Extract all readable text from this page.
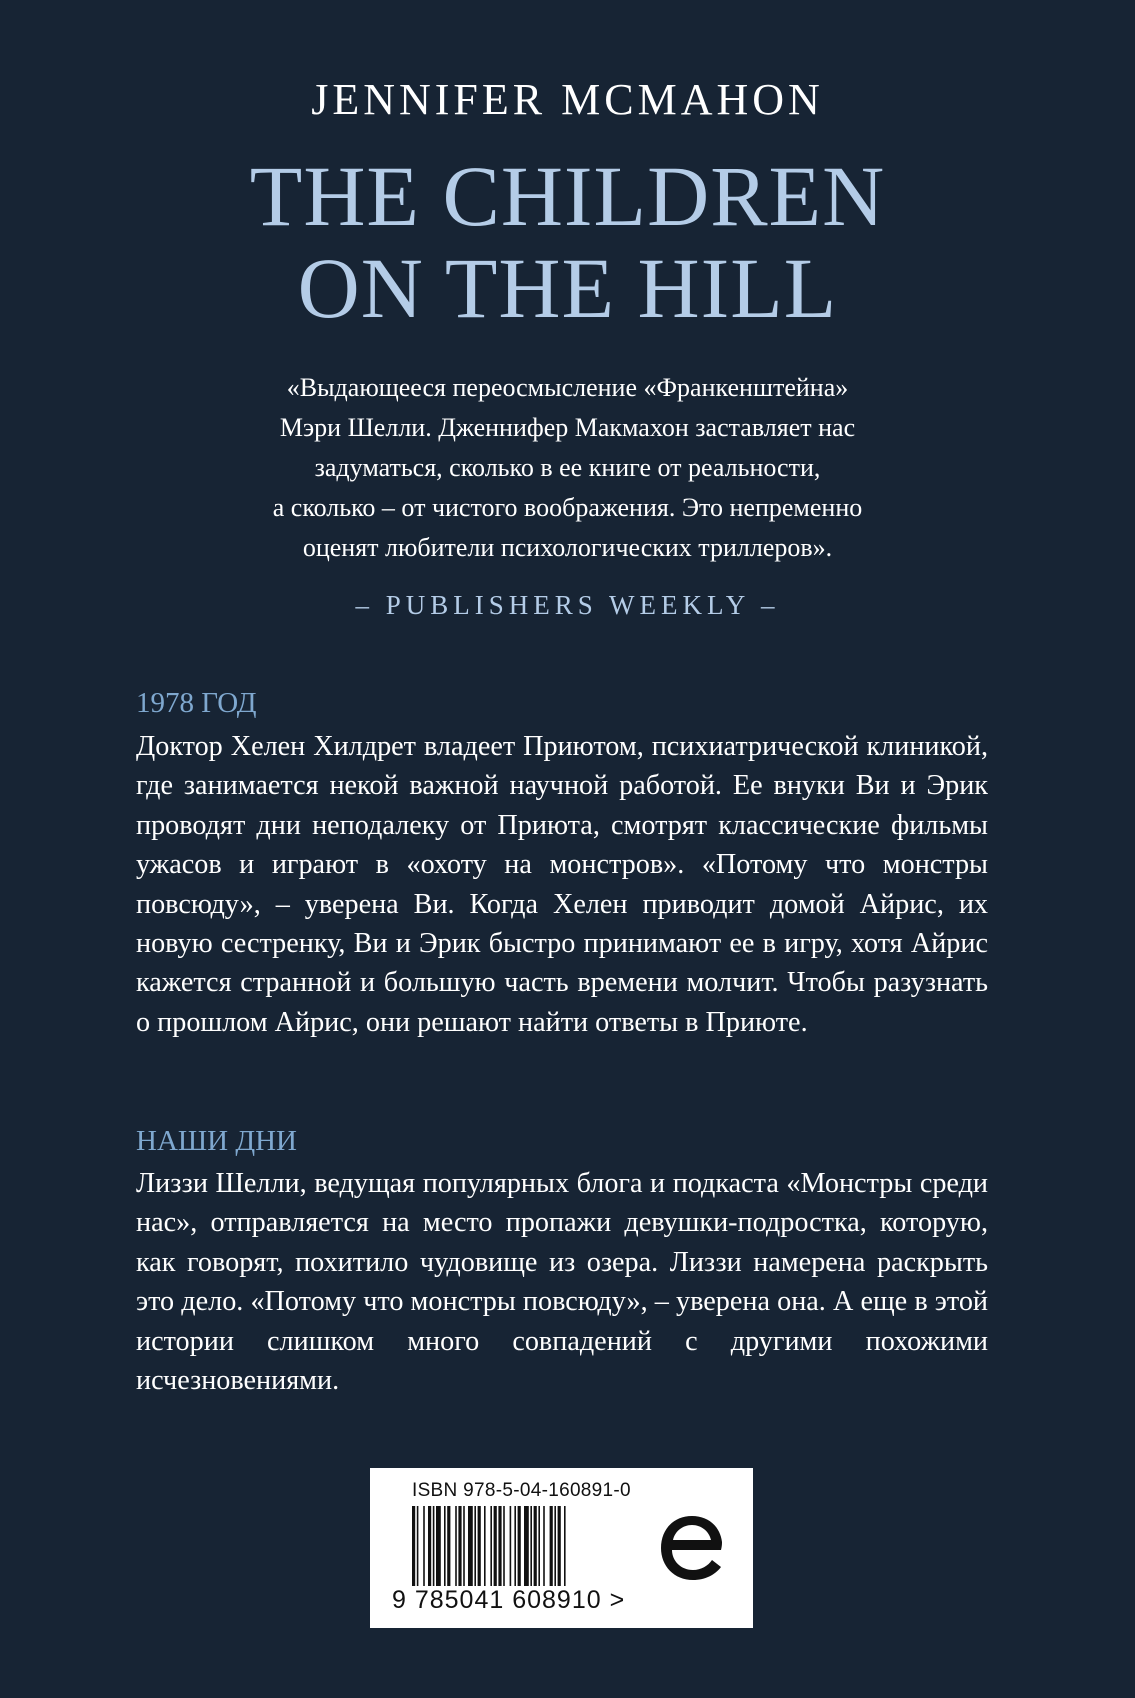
JENNIFER MCMAHON
THE CHILDREN
ON THE HILL
«Выдающееся переосмысление «Франкенштейна»
Мэри Шелли. Дженнифер Макмахон заставляет нас
задуматься, сколько в ее книге от реальности,
а сколько – от чистого воображения. Это непременно
оценят любители психологических триллеров».
– PUBLISHERS WEEKLY –
1978 ГОД
Доктор Хелен Хилдрет владеет Приютом, психиатрической клиникой, где занимается некой важной научной работой. Ее внуки Ви и Эрик проводят дни неподалеку от Приюта, смотрят классические фильмы ужасов и играют в «охоту на монстров». «Потому что монстры повсюду», – уверена Ви. Когда Хелен приводит домой Айрис, их новую сестренку, Ви и Эрик быстро принимают ее в игру, хотя Айрис кажется странной и большую часть времени молчит. Чтобы разузнать о прошлом Айрис, они решают найти ответы в Приюте.
НАШИ ДНИ
Лиззи Шелли, ведущая популярных блога и подкаста «Монстры среди нас», отправляется на место пропажи девушки-подростка, которую, как говорят, похитило чудовище из озера. Лиззи намерена раскрыть это дело. «Потому что монстры повсюду», – уверена она. А еще в этой истории слишком много совпадений с другими похожими исчезновениями.
ISBN 978-5-04-160891-0
9 785041 608910 >
